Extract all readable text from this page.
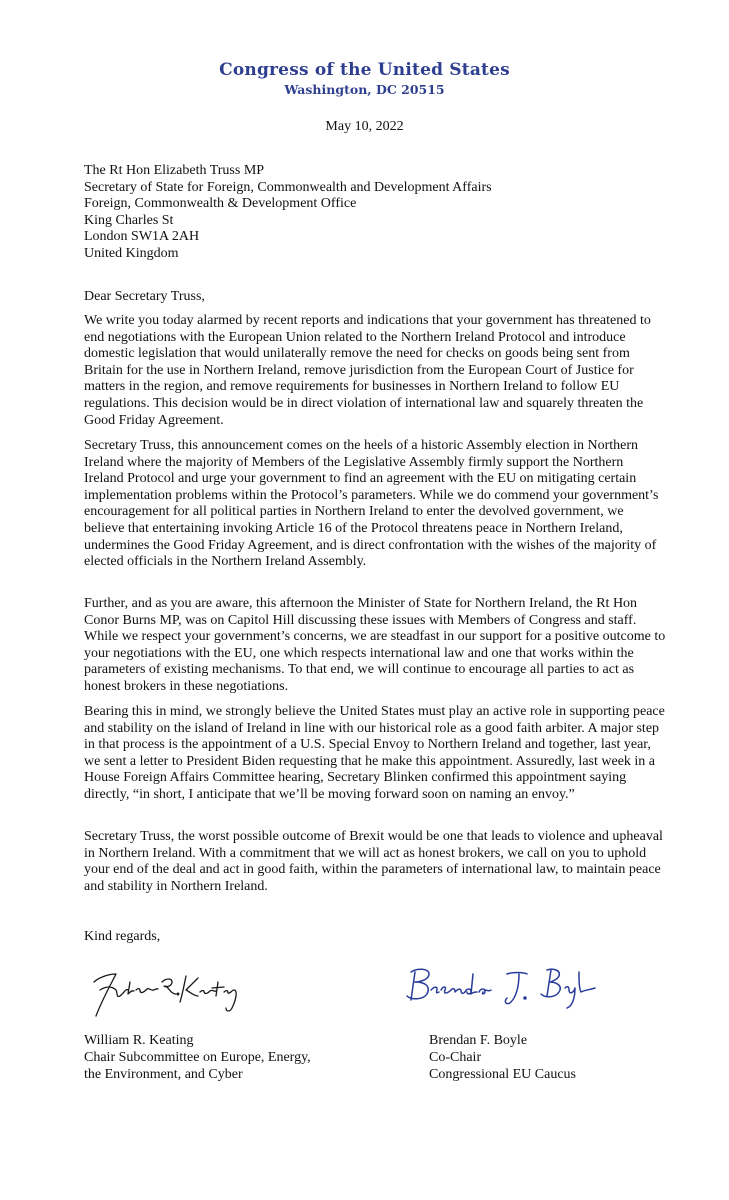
Congress of the United States
Washington, DC 20515
May 10, 2022
The Rt Hon Elizabeth Truss MP
Secretary of State for Foreign, Commonwealth and Development Affairs
Foreign, Commonwealth & Development Office
King Charles St
London SW1A 2AH
United Kingdom
Dear Secretary Truss,

We write you today alarmed by recent reports and indications that your government has threatened to end negotiations with the European Union related to the Northern Ireland Protocol and introduce domestic legislation that would unilaterally remove the need for checks on goods being sent from Britain for the use in Northern Ireland, remove jurisdiction from the European Court of Justice for matters in the region, and remove requirements for businesses in Northern Ireland to follow EU regulations. This decision would be in direct violation of international law and squarely threaten the Good Friday Agreement.

Secretary Truss, this announcement comes on the heels of a historic Assembly election in Northern Ireland where the majority of Members of the Legislative Assembly firmly support the Northern Ireland Protocol and urge your government to find an agreement with the EU on mitigating certain implementation problems within the Protocol’s parameters. While we do commend your government’s encouragement for all political parties in Northern Ireland to enter the devolved government, we believe that entertaining invoking Article 16 of the Protocol threatens peace in Northern Ireland, undermines the Good Friday Agreement, and is direct confrontation with the wishes of the majority of elected officials in the Northern Ireland Assembly.

Further, and as you are aware, this afternoon the Minister of State for Northern Ireland, the Rt Hon Conor Burns MP, was on Capitol Hill discussing these issues with Members of Congress and staff. While we respect your government’s concerns, we are steadfast in our support for a positive outcome to your negotiations with the EU, one which respects international law and one that works within the parameters of existing mechanisms. To that end, we will continue to encourage all parties to act as honest brokers in these negotiations.

Bearing this in mind, we strongly believe the United States must play an active role in supporting peace and stability on the island of Ireland in line with our historical role as a good faith arbiter. A major step in that process is the appointment of a U.S. Special Envoy to Northern Ireland and together, last year, we sent a letter to President Biden requesting that he make this appointment. Assuredly, last week in a House Foreign Affairs Committee hearing, Secretary Blinken confirmed this appointment saying directly, “in short, I anticipate that we’ll be moving forward soon on naming an envoy.”

Secretary Truss, the worst possible outcome of Brexit would be one that leads to violence and upheaval in Northern Ireland. With a commitment that we will act as honest brokers, we call on you to uphold your end of the deal and act in good faith, within the parameters of international law, to maintain peace and stability in Northern Ireland.

Kind regards,
William R. Keating
Chair Subcommittee on Europe, Energy,
the Environment, and Cyber
Brendan F. Boyle
Co-Chair
Congressional EU Caucus
